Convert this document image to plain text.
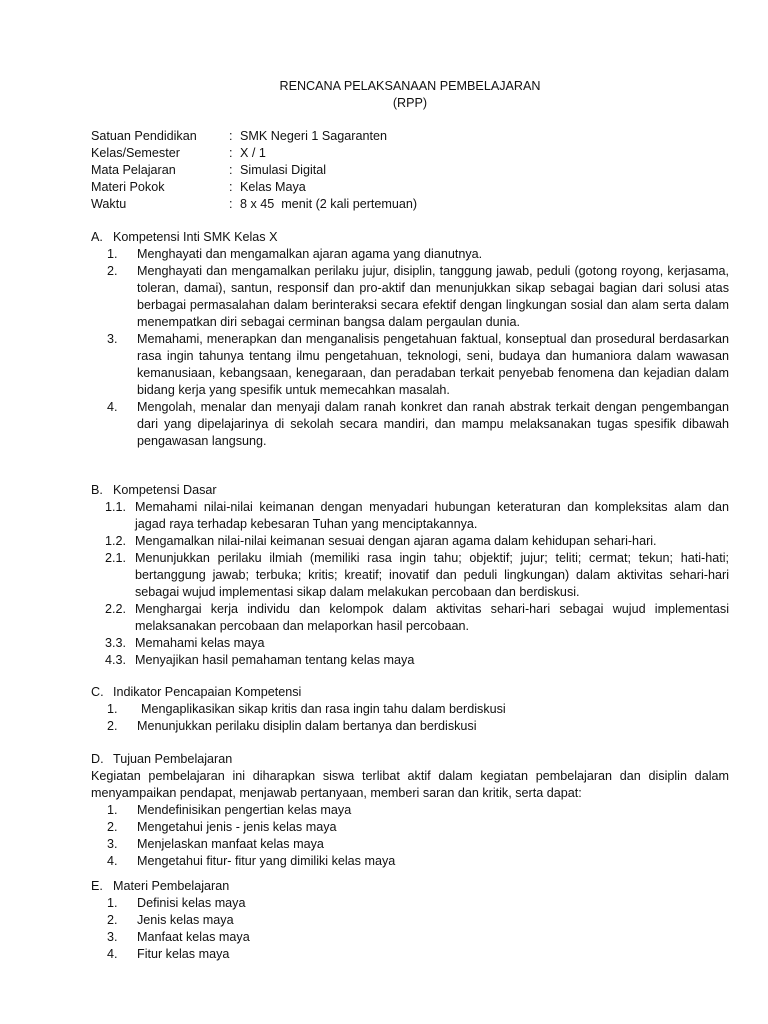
RENCANA PELAKSANAAN PEMBELAJARAN
(RPP)
Satuan Pendidikan	: SMK Negeri 1 Sagaranten
Kelas/Semester	: X / 1
Mata Pelajaran	: Simulasi Digital
Materi Pokok	: Kelas Maya
Waktu	: 8 x 45  menit (2 kali pertemuan)
A. Kompetensi Inti SMK Kelas X
1.	Menghayati dan mengamalkan ajaran agama yang dianutnya.
2.	Menghayati dan mengamalkan perilaku jujur, disiplin, tanggung jawab, peduli (gotong royong, kerjasama, toleran, damai), santun, responsif dan pro-aktif dan menunjukkan sikap sebagai bagian dari solusi atas berbagai permasalahan dalam berinteraksi secara efektif dengan lingkungan sosial dan alam serta dalam menempatkan diri sebagai cerminan bangsa dalam pergaulan dunia.
3.	Memahami, menerapkan dan menganalisis pengetahuan faktual, konseptual dan prosedural berdasarkan rasa ingin tahunya tentang ilmu pengetahuan, teknologi, seni, budaya dan humaniora dalam wawasan kemanusiaan, kebangsaan, kenegaraan, dan peradaban terkait penyebab fenomena dan kejadian dalam bidang kerja yang spesifik untuk memecahkan masalah.
4.	Mengolah, menalar dan menyaji dalam ranah konkret dan ranah abstrak terkait dengan pengembangan dari yang dipelajarinya di sekolah secara mandiri, dan mampu melaksanakan tugas spesifik dibawah pengawasan langsung.
B. Kompetensi Dasar
1.1. Memahami nilai-nilai keimanan dengan menyadari hubungan keteraturan dan kompleksitas alam dan jagad raya terhadap kebesaran Tuhan yang menciptakannya.
1.2. Mengamalkan nilai-nilai keimanan sesuai dengan ajaran agama dalam kehidupan sehari-hari.
2.1. Menunjukkan perilaku ilmiah (memiliki rasa ingin tahu; objektif; jujur; teliti; cermat; tekun; hati-hati; bertanggung jawab; terbuka; kritis; kreatif; inovatif dan peduli lingkungan) dalam aktivitas sehari-hari sebagai wujud implementasi sikap dalam melakukan percobaan dan berdiskusi.
2.2. Menghargai kerja individu dan kelompok dalam aktivitas sehari-hari sebagai wujud implementasi melaksanakan percobaan dan melaporkan hasil percobaan.
3.3. Memahami kelas maya
4.3. Menyajikan hasil pemahaman tentang kelas maya
C. Indikator Pencapaian Kompetensi
1.	Mengaplikasikan sikap kritis dan rasa ingin tahu dalam berdiskusi
2.	Menunjukkan perilaku disiplin dalam bertanya dan berdiskusi
D. Tujuan Pembelajaran
Kegiatan pembelajaran ini diharapkan siswa terlibat aktif dalam kegiatan pembelajaran dan disiplin dalam menyampaikan pendapat, menjawab pertanyaan, memberi saran dan kritik, serta dapat:
1.	Mendefinisikan pengertian kelas maya
2.	Mengetahui jenis - jenis kelas maya
3.	Menjelaskan manfaat kelas maya
4.	Mengetahui fitur- fitur yang dimiliki kelas maya
E. Materi Pembelajaran
1.	Definisi kelas maya
2.	Jenis kelas maya
3.	Manfaat kelas maya
4.	Fitur kelas maya
